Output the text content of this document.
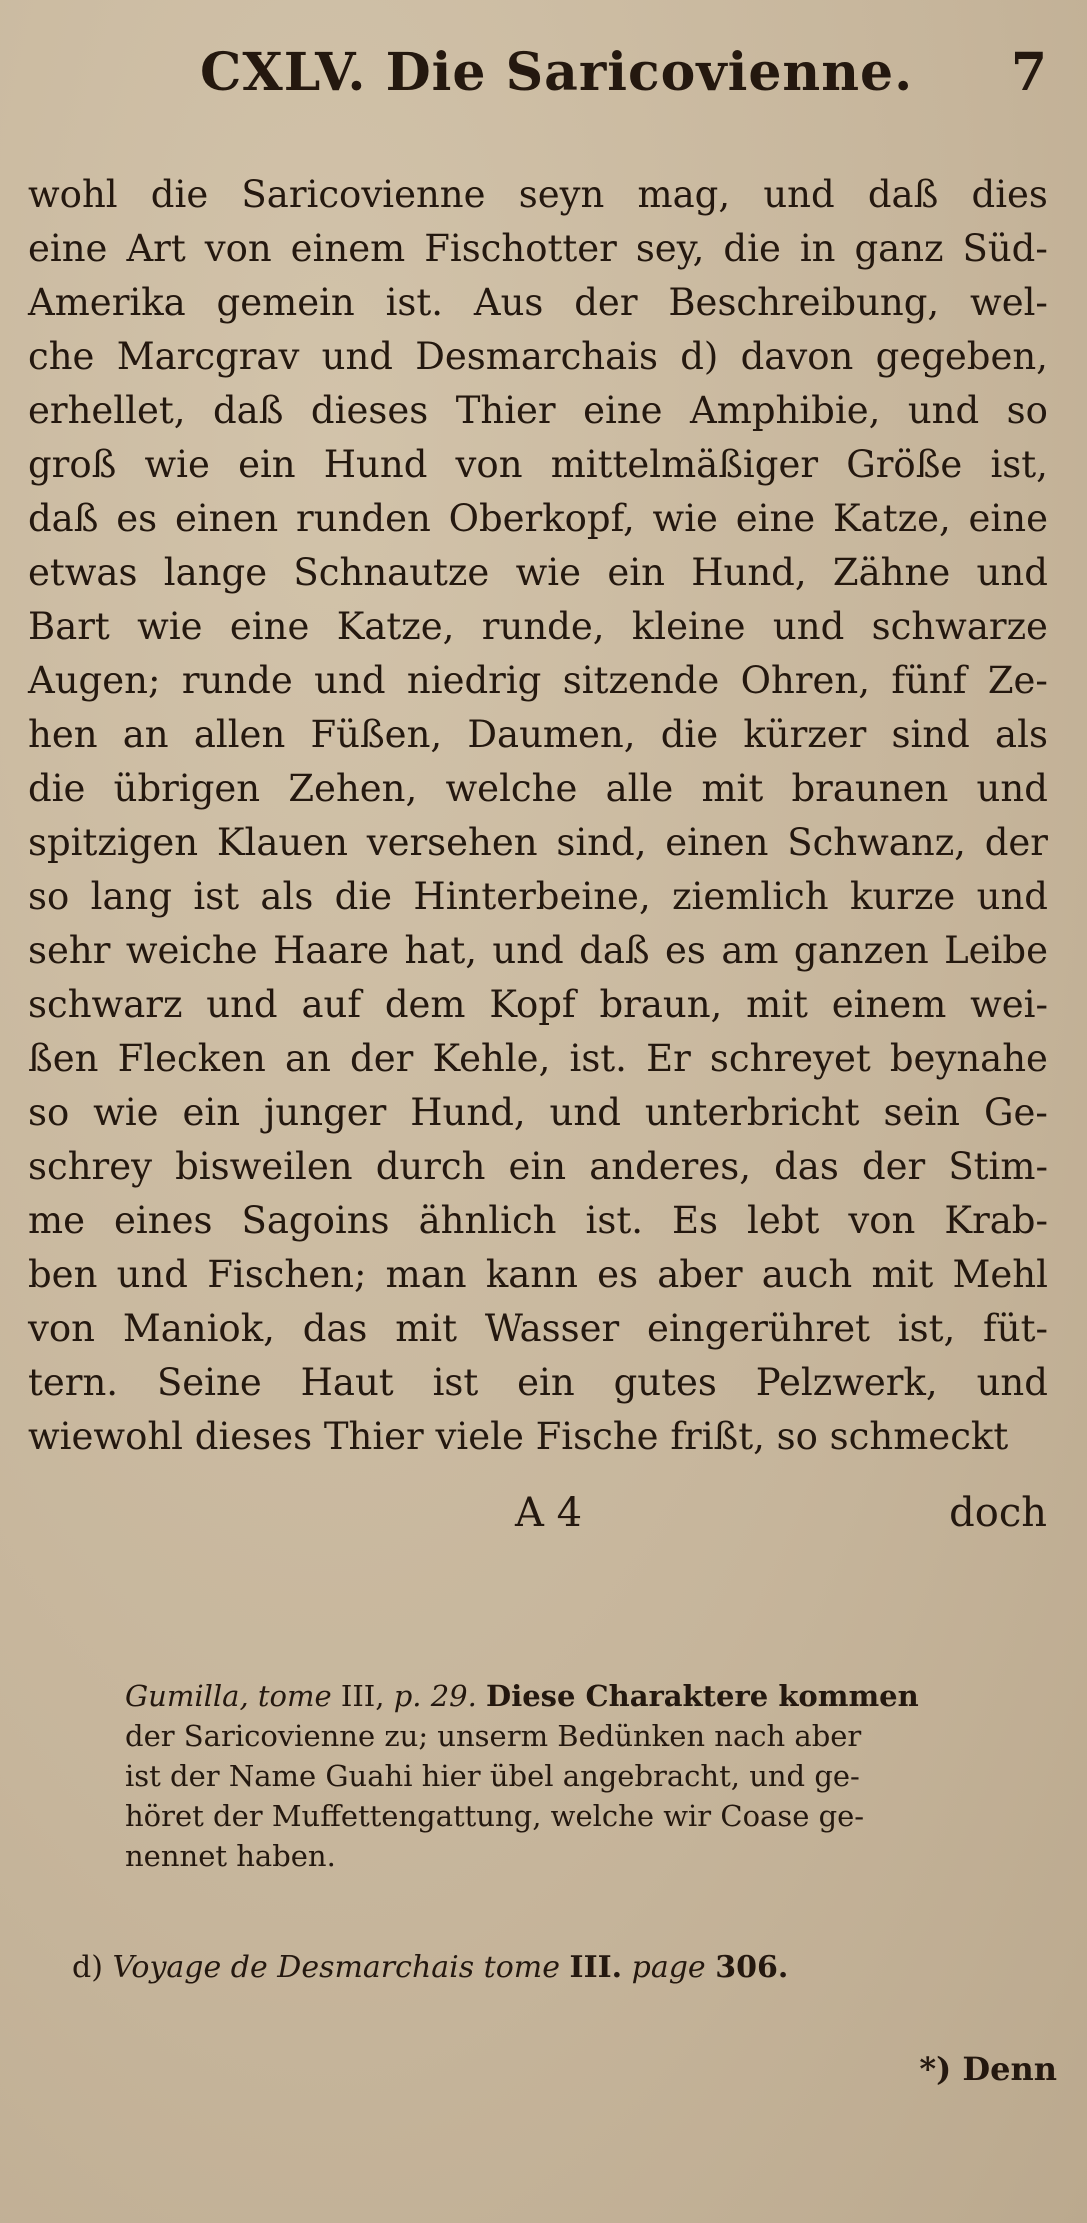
CXLV. Die Saricovienne. 7
wohl die Saricovienne seyn mag, und daß dies
eine Art von einem Fischotter sey, die in ganz Süd-
Amerika gemein ist. Aus der Beschreibung, wel-
che Marcgrav und Desmarchais d) davon gegeben,
erhellet, daß dieses Thier eine Amphibie, und so
groß wie ein Hund von mittelmäßiger Größe ist,
daß es einen runden Oberkopf, wie eine Katze, eine
etwas lange Schnautze wie ein Hund, Zähne und
Bart wie eine Katze, runde, kleine und schwarze
Augen; runde und niedrig sitzende Ohren, fünf Ze-
hen an allen Füßen, Daumen, die kürzer sind als
die übrigen Zehen, welche alle mit braunen und
spitzigen Klauen versehen sind, einen Schwanz, der
so lang ist als die Hinterbeine, ziemlich kurze und
sehr weiche Haare hat, und daß es am ganzen Leibe
schwarz und auf dem Kopf braun, mit einem wei-
ßen Flecken an der Kehle, ist. Er schreyet beynahe
so wie ein junger Hund, und unterbricht sein Ge-
schrey bisweilen durch ein anderes, das der Stim-
me eines Sagoins ähnlich ist. Es lebt von Krab-
ben und Fischen; man kann es aber auch mit Mehl
von Maniok, das mit Wasser eingerühret ist, füt-
tern. Seine Haut ist ein gutes Pelzwerk, und
wiewohl dieses Thier viele Fische frißt, so schmeckt
A 4	doch
Gumilla, tome III, p. 29. Diese Charaktere kommen
der Saricovienne zu; unserm Bedünken nach aber
ist der Name Guahi hier übel angebracht, und ge-
höret der Muffettengattung, welche wir Coase ge-
nennet haben.
d) Voyage de Desmarchais tome III. page 306.
*) Denn
